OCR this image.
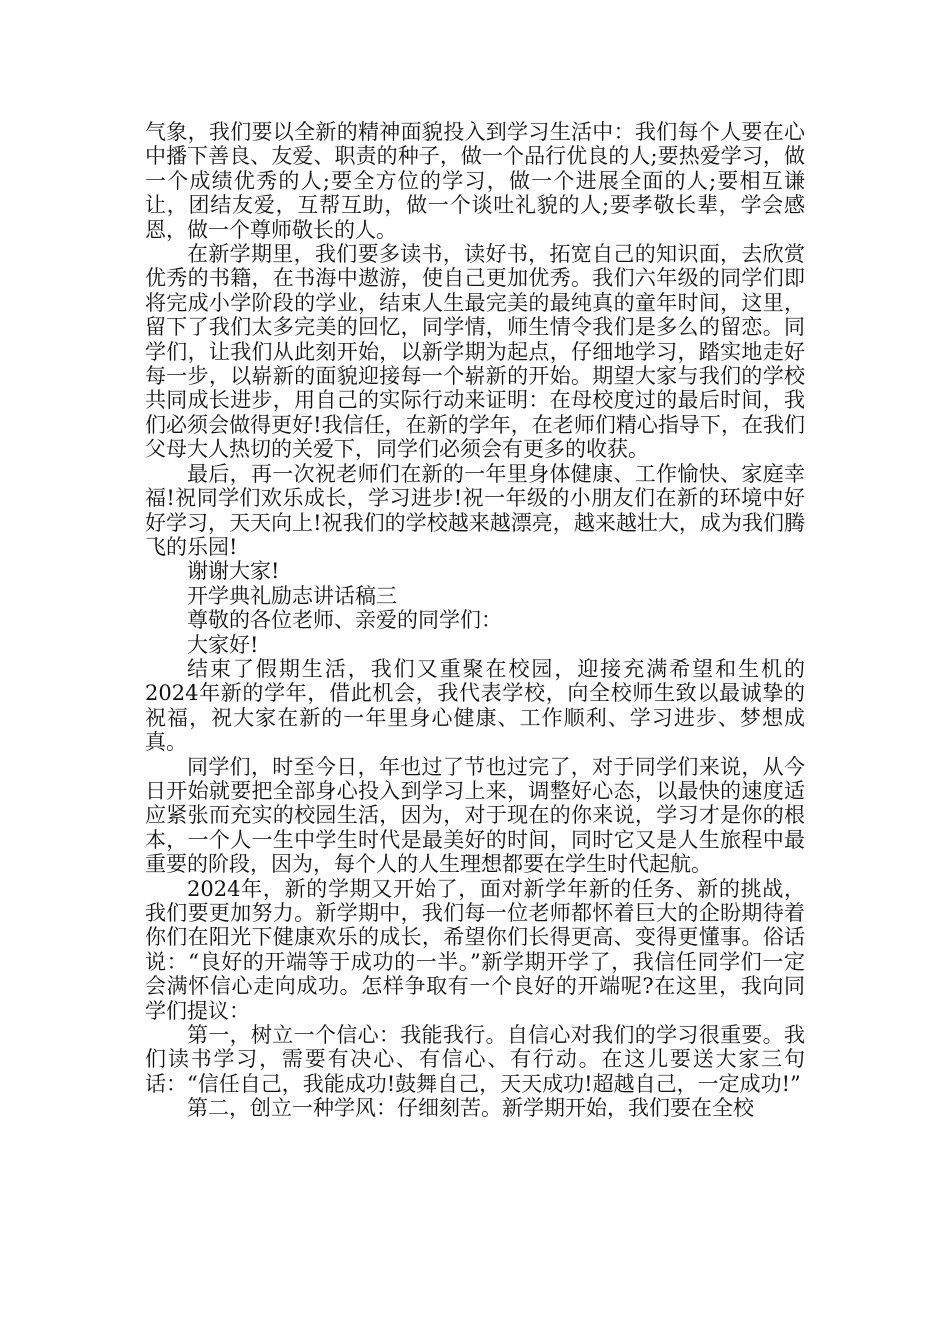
气象，我们要以全新的精神面貌投入到学习生活中：我们每个人要在心中播下善良、友爱、职责的种子，做一个品行优良的人;要热爱学习，做一个成绩优秀的人;要全方位的学习，做一个进展全面的人;要相互谦让，团结友爱，互帮互助，做一个谈吐礼貌的人;要孝敬长辈，学会感恩，做一个尊师敬长的人。

在新学期里，我们要多读书，读好书，拓宽自己的知识面，去欣赏优秀的书籍，在书海中遨游，使自己更加优秀。我们六年级的同学们即将完成小学阶段的学业，结束人生最完美的最纯真的童年时间，这里，留下了我们太多完美的回忆，同学情，师生情令我们是多么的留恋。同学们，让我们从此刻开始，以新学期为起点，仔细地学习，踏实地走好每一步，以崭新的面貌迎接每一个崭新的开始。期望大家与我们的学校共同成长进步，用自己的实际行动来证明：在母校度过的最后时间，我们必须会做得更好!我信任，在新的学年，在老师们精心指导下，在我们父母大人热切的关爱下，同学们必须会有更多的收获。

最后，再一次祝老师们在新的一年里身体健康、工作愉快、家庭幸福!祝同学们欢乐成长，学习进步!祝一年级的小朋友们在新的环境中好好学习，天天向上!祝我们的学校越来越漂亮，越来越壮大，成为我们腾飞的乐园!

谢谢大家!

开学典礼励志讲话稿三

尊敬的各位老师、亲爱的同学们：

大家好!

结束了假期生活，我们又重聚在校园，迎接充满希望和生机的2024年新的学年，借此机会，我代表学校，向全校师生致以最诚挚的祝福，祝大家在新的一年里身心健康、工作顺利、学习进步、梦想成真。

同学们，时至今日，年也过了节也过完了，对于同学们来说，从今日开始就要把全部身心投入到学习上来，调整好心态，以最快的速度适应紧张而充实的校园生活，因为，对于现在的你来说，学习才是你的根本，一个人一生中学生时代是最美好的时间，同时它又是人生旅程中最重要的阶段，因为，每个人的人生理想都要在学生时代起航。

2024年，新的学期又开始了，面对新学年新的任务、新的挑战，我们要更加努力。新学期中，我们每一位老师都怀着巨大的企盼期待着你们在阳光下健康欢乐的成长，希望你们长得更高、变得更懂事。俗话说：“良好的开端等于成功的一半。”新学期开学了，我信任同学们一定会满怀信心走向成功。怎样争取有一个良好的开端呢?在这里，我向同学们提议：

第一，树立一个信心：我能我行。自信心对我们的学习很重要。我们读书学习，需要有决心、有信心、有行动。在这儿要送大家三句话：“信任自己，我能成功!鼓舞自己，天天成功!超越自己，一定成功!”

第二，创立一种学风：仔细刻苦。新学期开始，我们要在全校
